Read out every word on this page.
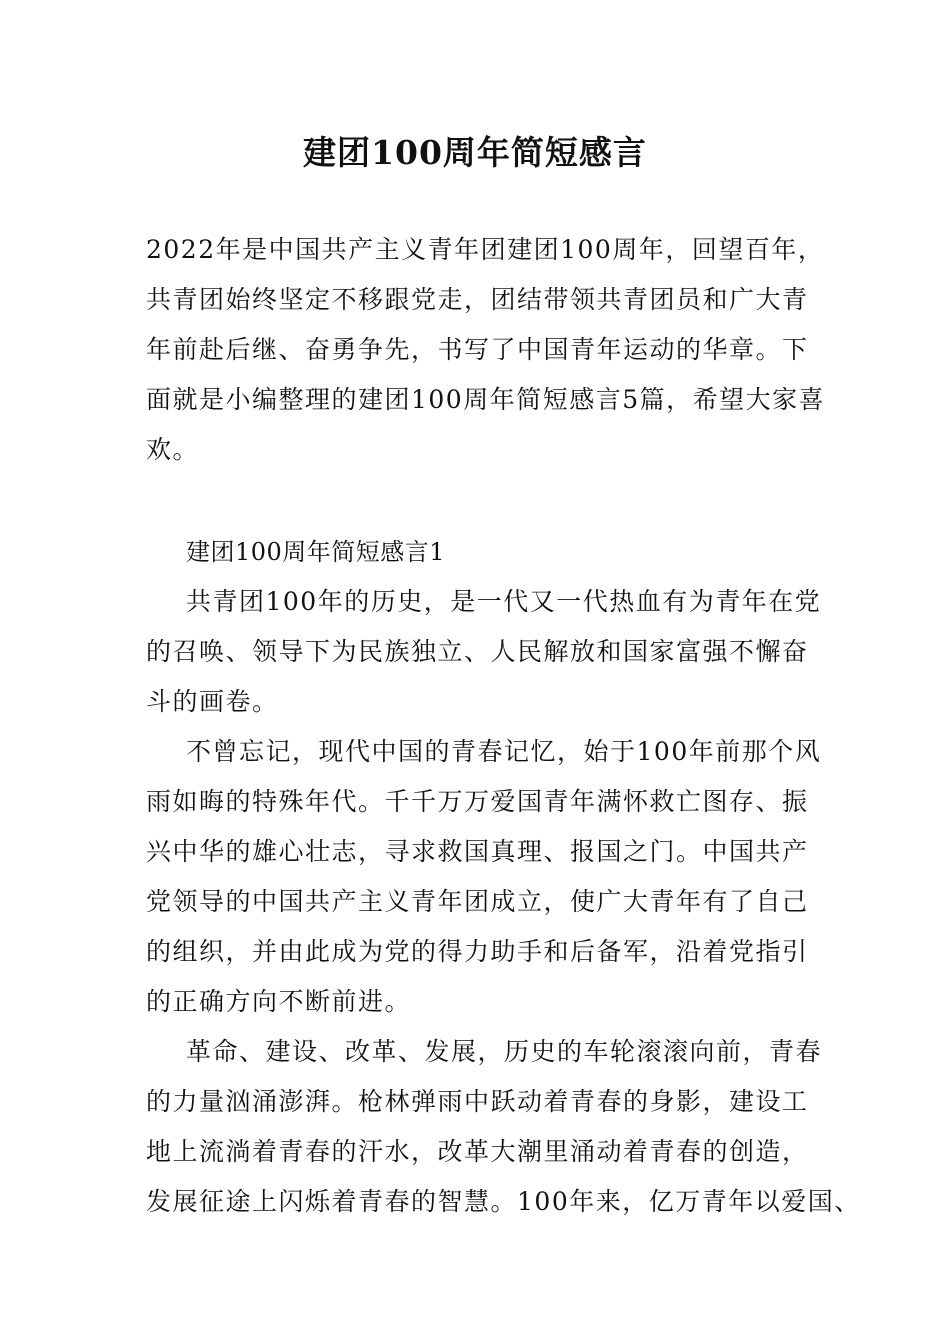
建团100周年简短感言
2022年是中国共产主义青年团建团100周年，回望百年，
共青团始终坚定不移跟党走，团结带领共青团员和广大青
年前赴后继、奋勇争先，书写了中国青年运动的华章。下
面就是小编整理的建团100周年简短感言5篇，希望大家喜
欢。
建团100周年简短感言1
共青团100年的历史，是一代又一代热血有为青年在党
的召唤、领导下为民族独立、人民解放和国家富强不懈奋
斗的画卷。
不曾忘记，现代中国的青春记忆，始于100年前那个风
雨如晦的特殊年代。千千万万爱国青年满怀救亡图存、振
兴中华的雄心壮志，寻求救国真理、报国之门。中国共产
党领导的中国共产主义青年团成立，使广大青年有了自己
的组织，并由此成为党的得力助手和后备军，沿着党指引
的正确方向不断前进。
革命、建设、改革、发展，历史的车轮滚滚向前，青春
的力量汹涌澎湃。枪林弹雨中跃动着青春的身影，建设工
地上流淌着青春的汗水，改革大潮里涌动着青春的创造，
发展征途上闪烁着青春的智慧。100年来，亿万青年以爱国、
